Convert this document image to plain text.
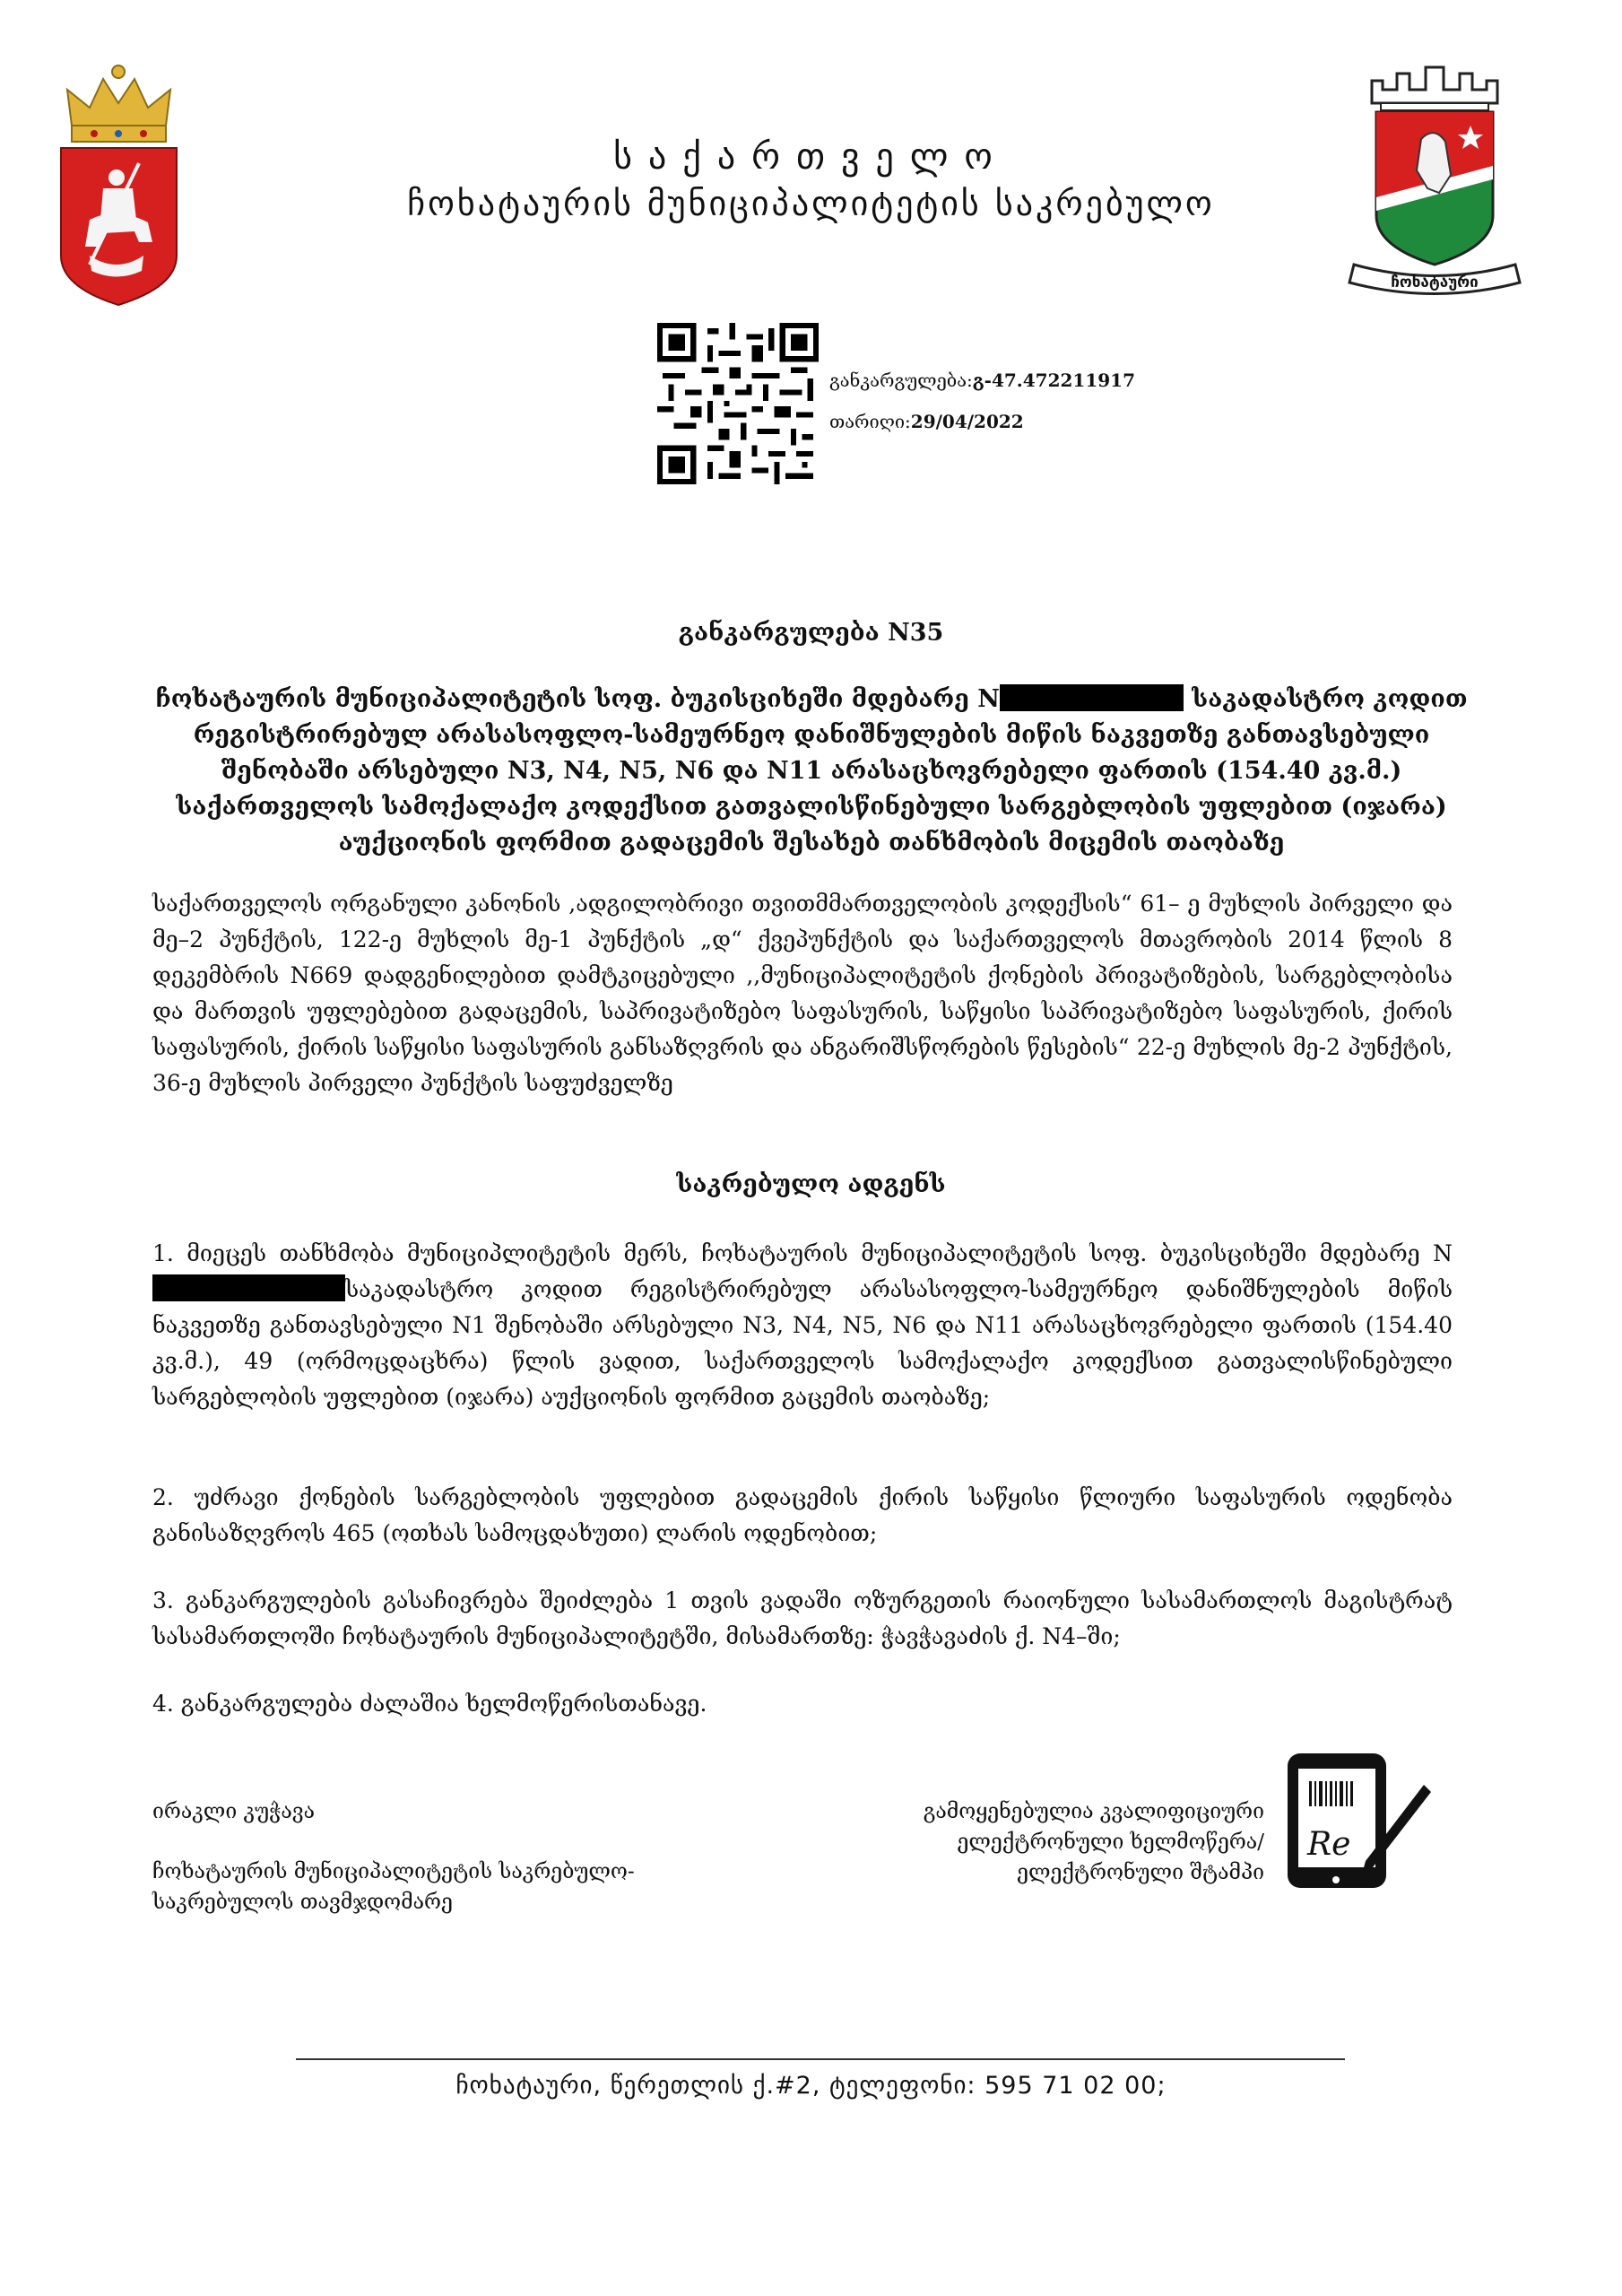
საქართველო
ჩოხატაურის მუნიციპალიტეტის საკრებულო
ჩოხატაური
განკარგულება:გ-47.472211917
თარიღი:29/04/2022
განკარგულება N35
ჩოხატაურის მუნიციპალიტეტის სოფ. ბუკისციხეში მდებარე N	საკადასტრო კოდით რეგისტრირებულ არასასოფლო-სამეურნეო დანიშნულების მიწის ნაკვეთზე განთავსებული შენობაში არსებული N3, N4, N5, N6 და N11 არასაცხოვრებელი ფართის (154.40 კვ.მ.) საქართველოს სამოქალაქო კოდექსით გათვალისწინებული სარგებლობის უფლებით (იჯარა) აუქციონის ფორმით გადაცემის შესახებ თანხმობის მიცემის თაობაზე
საქართველოს ორგანული კანონის ,ადგილობრივი თვითმმართველობის კოდექსის“ 61– ე მუხლის პირველი და მე–2 პუნქტის, 122-ე მუხლის მე-1 პუნქტის „დ“ ქვეპუნქტის და საქართველოს მთავრობის 2014 წლის 8 დეკემბრის N669 დადგენილებით დამტკიცებული ,,მუნიციპალიტეტის ქონების პრივატიზების, სარგებლობისა და მართვის უფლებებით გადაცემის, საპრივატიზებო საფასურის, საწყისი საპრივატიზებო საფასურის, ქირის საფასურის, ქირის საწყისი საფასურის განსაზღვრის და ანგარიშსწორების წესების“ 22-ე მუხლის მე-2 პუნქტის, 36-ე მუხლის პირველი პუნქტის საფუძველზე
საკრებულო ადგენს
1. მიეცეს თანხმობა მუნიციპლიტეტის მერს, ჩოხატაურის მუნიციპალიტეტის სოფ. ბუკისციხეში მდებარე Nსაკადასტრო კოდით რეგისტრირებულ არასასოფლო-სამეურნეო დანიშნულების მიწის ნაკვეთზე განთავსებული N1 შენობაში არსებული N3, N4, N5, N6 და N11 არასაცხოვრებელი ფართის (154.40 კვ.მ.), 49 (ორმოცდაცხრა) წლის ვადით, საქართველოს სამოქალაქო კოდექსით გათვალისწინებული სარგებლობის უფლებით (იჯარა) აუქციონის ფორმით გაცემის თაობაზე;
2. უძრავი ქონების სარგებლობის უფლებით გადაცემის ქირის საწყისი წლიური საფასურის ოდენობა განისაზღვროს 465 (ოთხას სამოცდახუთი) ლარის ოდენობით;
3. განკარგულების გასაჩივრება შეიძლება 1 თვის ვადაში ოზურგეთის რაიონული სასამართლოს მაგისტრატ სასამართლოში ჩოხატაურის მუნიციპალიტეტში, მისამართზე: ჭავჭავაძის ქ. N4–ში;
4. განკარგულება ძალაშია ხელმოწერისთანავე.
ირაკლი კუჭავა
ჩოხატაურის მუნიციპალიტეტის საკრებულო-
საკრებულოს თავმჯდომარე
გამოყენებულია კვალიფიციური
ელექტრონული ხელმოწერა/
ელექტრონული შტამპი
Re
ჩოხატაური, წერეთლის ქ.#2, ტელეფონი: 595 71 02 00;
